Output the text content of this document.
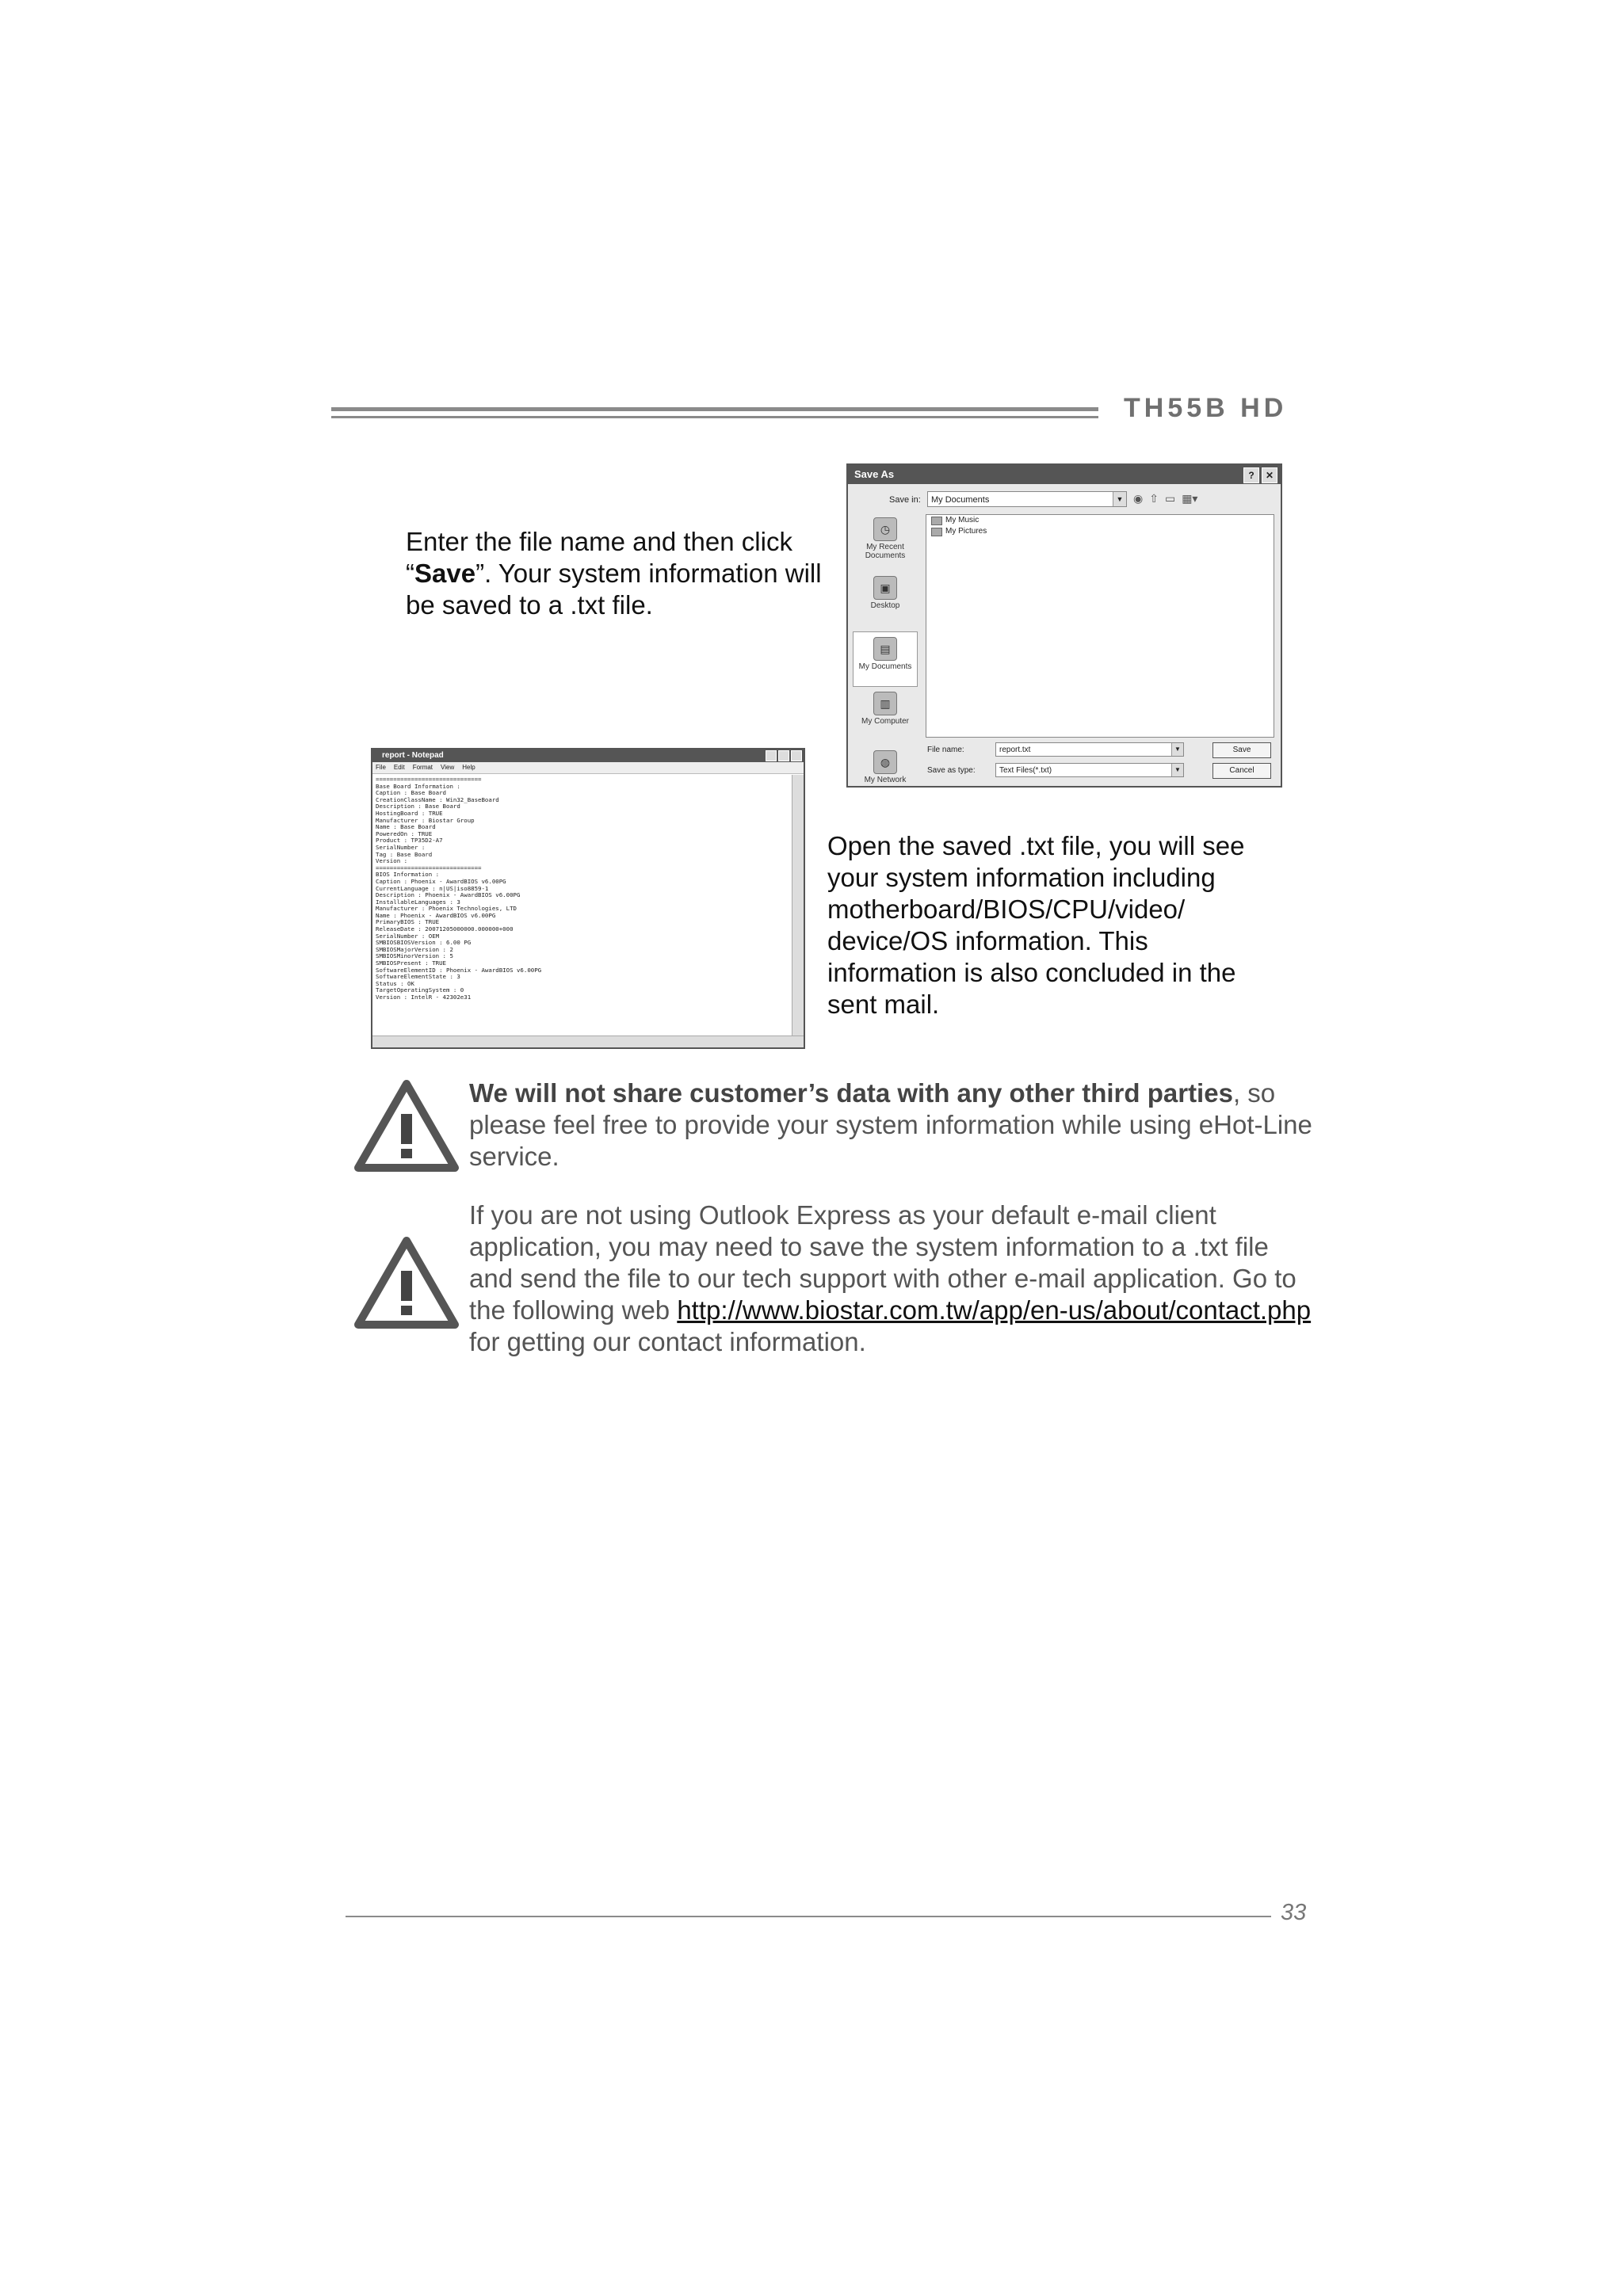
TH55B HD
Enter the file name and then click “Save”. Your system information will be saved to a .txt file.
Save As	?	✕
Save in:	My Documents	▼ ◉ ⇧ ▭ ▦▾
◷
My Recent Documents
▣
Desktop
▤
My Documents
▥
My Computer
◍
My Network
My Music
My Pictures
File name:	report.txt	▼
Save as type:	Text Files(*.txt)	▼
Save
Cancel
report - Notepad
File Edit Format View Help
==============================
Base Board Information :
Caption : Base Board
CreationClassName : Win32_BaseBoard
Description : Base Board
HostingBoard : TRUE
Manufacturer : Biostar Group
Name : Base Board
PoweredOn : TRUE
Product : TP35D2-A7
SerialNumber :
Tag : Base Board
Version :
==============================
BIOS Information :
Caption : Phoenix - AwardBIOS v6.00PG
CurrentLanguage : n|US|iso8859-1
Description : Phoenix - AwardBIOS v6.00PG
InstallableLanguages : 3
Manufacturer : Phoenix Technologies, LTD
Name : Phoenix - AwardBIOS v6.00PG
PrimaryBIOS : TRUE
ReleaseDate : 20071205000000.000000+000
SerialNumber : OEM
SMBIOSBIOSVersion : 6.00 PG
SMBIOSMajorVersion : 2
SMBIOSMinorVersion : 5
SMBIOSPresent : TRUE
SoftwareElementID : Phoenix - AwardBIOS v6.00PG
SoftwareElementState : 3
Status : OK
TargetOperatingSystem : 0
Version : IntelR - 42302e31
Open the saved .txt file, you will see your system information including motherboard/BIOS/CPU/video/ device/OS information. This information is also concluded in the sent mail.
We will not share customer’s data with any other third parties, so please feel free to provide your system information while using eHot-Line service.
If you are not using Outlook Express as your default e-mail client application, you may need to save the system information to a .txt file and send the file to our tech support with other e-mail application. Go to the following web http://www.biostar.com.tw/app/en-us/about/contact.php for getting our contact information.
33
